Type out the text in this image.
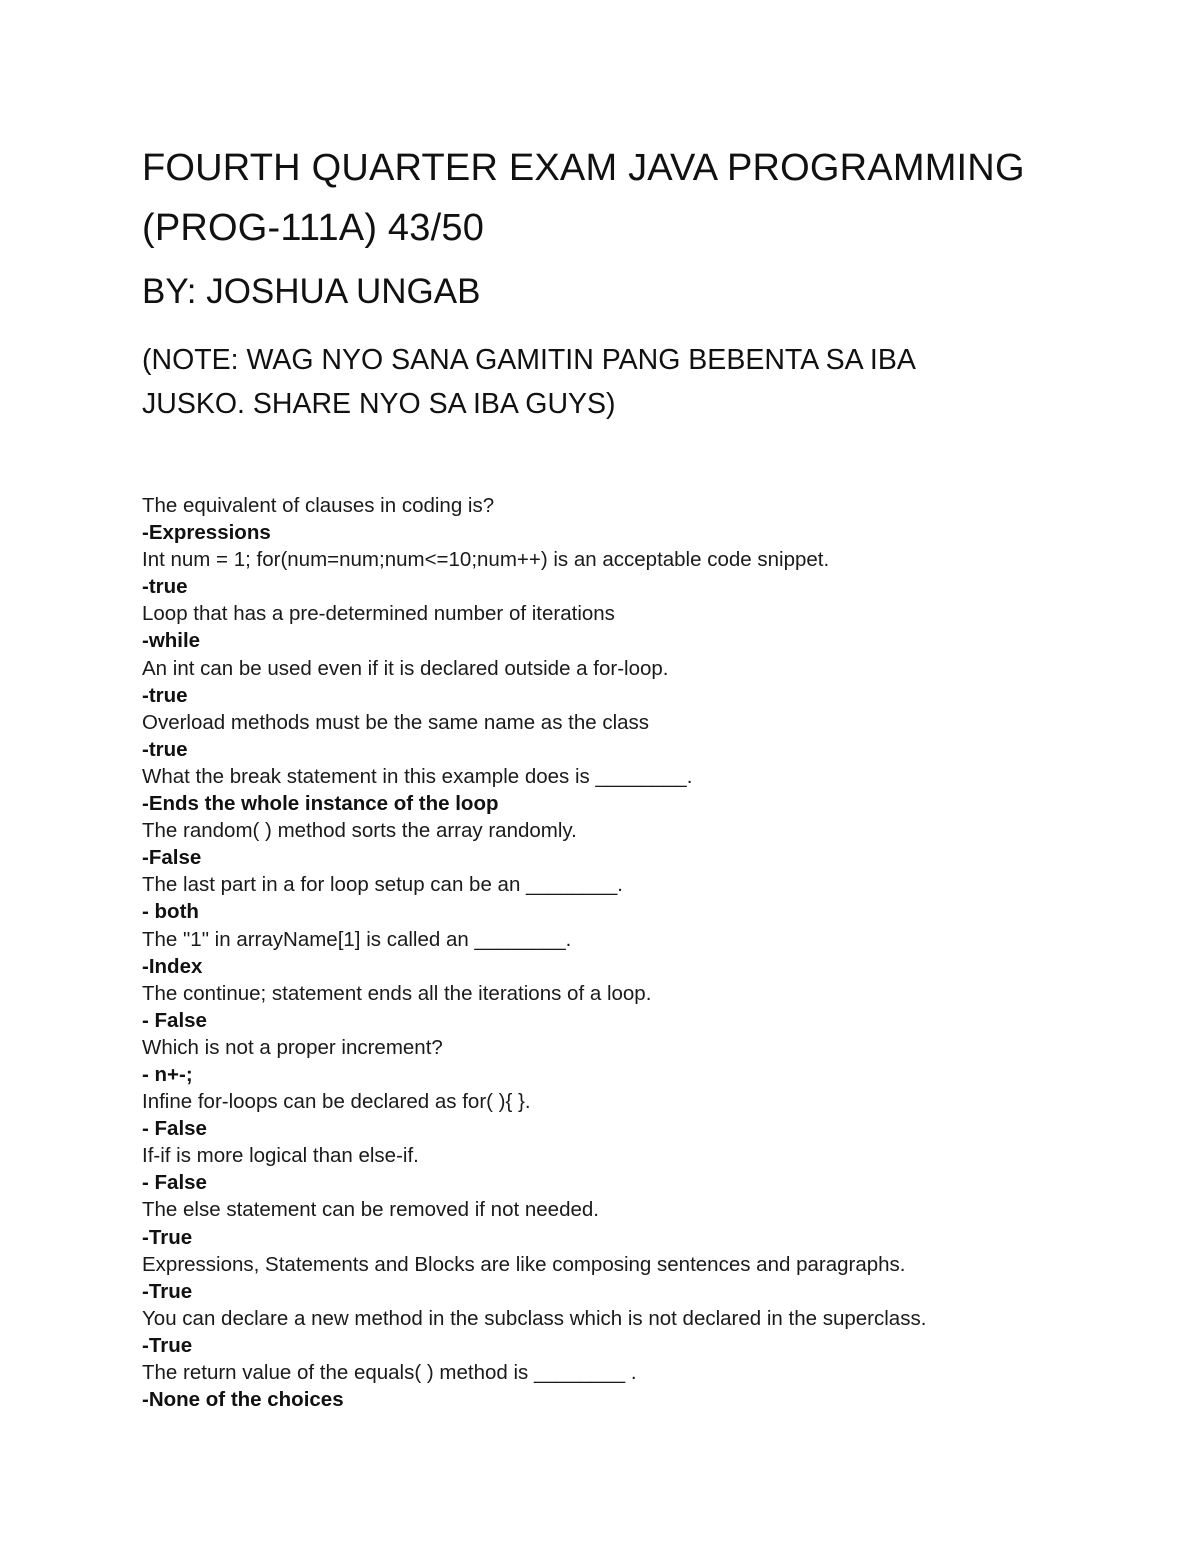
FOURTH QUARTER EXAM JAVA PROGRAMMING
(PROG-111A) 43/50
BY: JOSHUA UNGAB

(NOTE: WAG NYO SANA GAMITIN PANG BEBENTA SA IBA
JUSKO. SHARE NYO SA IBA GUYS)

The equivalent of clauses in coding is?
-Expressions
Int num = 1; for(num=num;num<=10;num++) is an acceptable code snippet.
-true
Loop that has a pre-determined number of iterations
-while
An int can be used even if it is declared outside a for-loop.
-true
Overload methods must be the same name as the class
-true
What the break statement in this example does is ________.
-Ends the whole instance of the loop
The random( ) method sorts the array randomly.
-False
The last part in a for loop setup can be an ________.
- both
The "1" in arrayName[1] is called an ________.
-Index
The continue; statement ends all the iterations of a loop.
- False
Which is not a proper increment?
- n+-;
Infine for-loops can be declared as for( ){ }.
- False
If-if is more logical than else-if.
- False
The else statement can be removed if not needed.
-True
Expressions, Statements and Blocks are like composing sentences and paragraphs.
-True
You can declare a new method in the subclass which is not declared in the superclass.
-True
The return value of the equals( ) method is ________ .
-None of the choices
